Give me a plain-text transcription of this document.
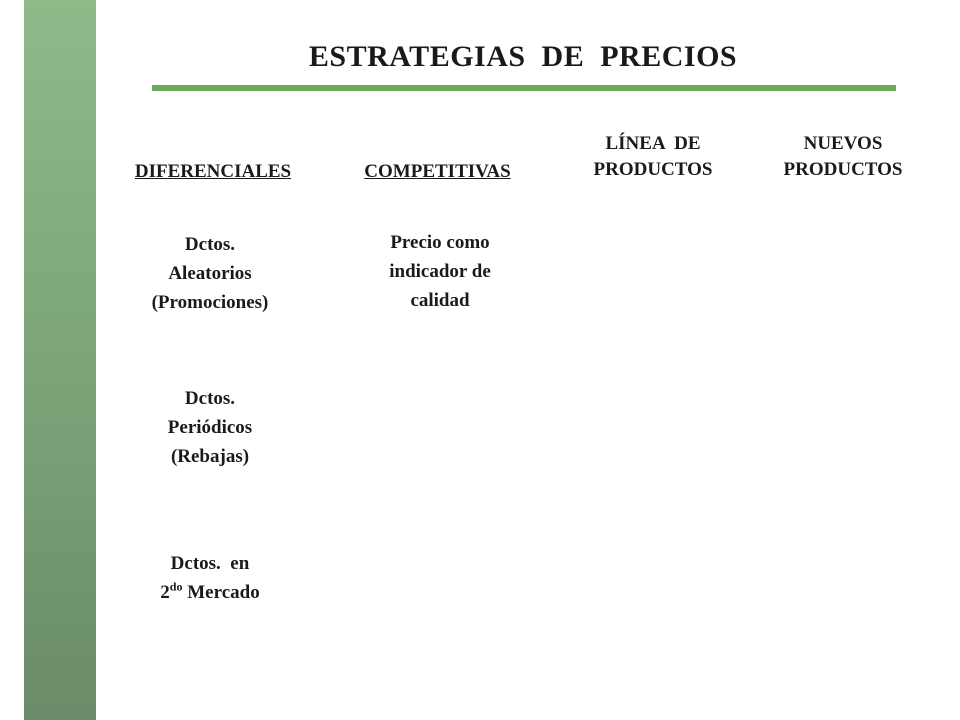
ESTRATEGIAS  DE  PRECIOS
DIFERENCIALES	COMPETITIVAS
LÍNEA  DE
PRODUCTOS
NUEVOS
PRODUCTOS
Dctos.
Aleatorios
(Promociones)
Precio como
indicador de
calidad
Dctos.
Periódicos
(Rebajas)
Dctos.  en
$2^{do}$ Mercado
